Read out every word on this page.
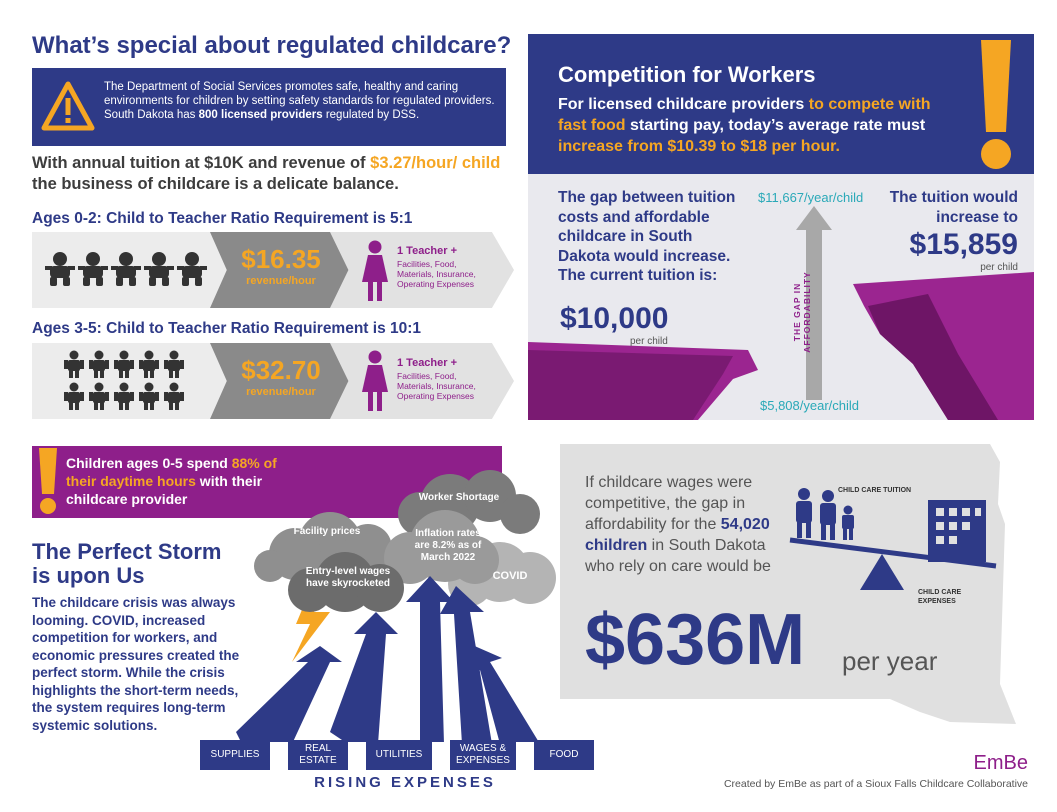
What’s special about regulated childcare?
The Department of Social Services promotes safe, healthy and caring environments for children by setting safety standards for regulated providers. South Dakota has 800 licensed providers regulated by DSS.
With annual tuition at $10K and revenue of $3.27/hour/ child the business of childcare is a delicate balance.
Ages 0-2: Child to Teacher Ratio Requirement is 5:1
$16.35
revenue/hour
1 Teacher +
Facilities, Food, Materials, Insurance, Operating Expenses
Ages 3-5: Child to Teacher Ratio Requirement is 10:1
$32.70
revenue/hour
1 Teacher +
Facilities, Food, Materials, Insurance, Operating Expenses
Competition for Workers
For licensed childcare providers to compete with fast food starting pay, today’s average rate must increase from $10.39 to $18 per hour.
The gap between tuition costs and affordable childcare in South Dakota would increase. The current tuition is:
$10,000
per child
$11,667/year/child
THE GAP IN AFFORDABILITY
$5,808/year/child
The tuition would increase to
$15,859
per child
Children ages 0-5 spend 88% of their daytime hours with their childcare provider
The Perfect Storm
is upon Us
The childcare crisis was always looming. COVID, increased competition for workers, and economic pressures created the perfect storm. While the crisis highlights the short-term needs, the system requires long-term systemic solutions.
Worker Shortage
Facility prices	Inflation rates are 8.2% as of March 2022
Entry-level wages have skyrocketed
COVID
SUPPLIES
REAL ESTATE
UTILITIES
WAGES & EXPENSES
FOOD
RISING EXPENSES
If childcare wages were competitive, the gap in affordability for the 54,020 children in South Dakota who rely on care would be
$636M per year
CHILD CARE TUITION
CHILD CARE EXPENSES
EmBe
Created by EmBe as part of a Sioux Falls Childcare Collaborative
